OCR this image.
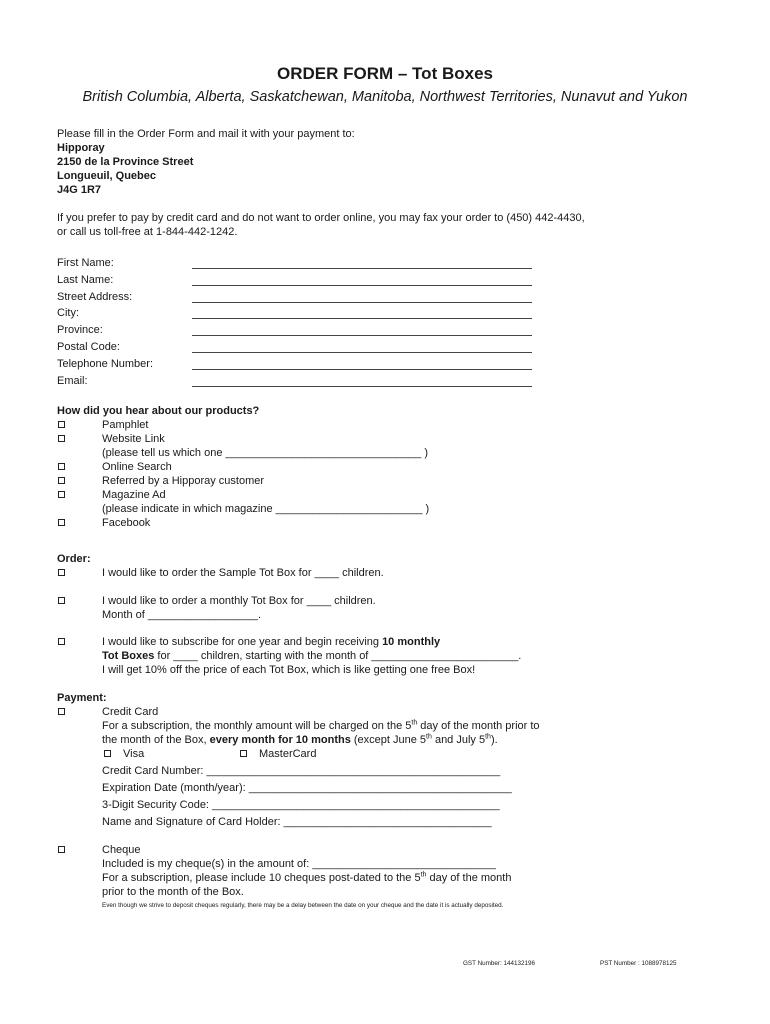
ORDER FORM – Tot Boxes
British Columbia, Alberta, Saskatchewan, Manitoba, Northwest Territories, Nunavut and Yukon
Please fill in the Order Form and mail it with your payment to:
Hipporay
2150 de la Province Street
Longueuil, Quebec
J4G 1R7
If you prefer to pay by credit card and do not want to order online, you may fax your order to (450) 442-4430,
or call us toll-free at 1-844-442-1242.
First Name:
Last Name:
Street Address:
City:
Province:
Postal Code:
Telephone Number:
Email:
How did you hear about our products?
Pamphlet
Website Link
(please tell us which one ________________________________ )
Online Search
Referred by a Hipporay customer
Magazine Ad
(please indicate in which magazine ________________________ )
Facebook
Order:
I would like to order the Sample Tot Box for ____ children.
I would like to order a monthly Tot Box for ____ children.
Month of __________________.
I would like to subscribe for one year and begin receiving 10 monthly
Tot Boxes for ____ children, starting with the month of ________________________.
I will get 10% off the price of each Tot Box, which is like getting one free Box!
Payment:
Credit Card
For a subscription, the monthly amount will be charged on the 5th day of the month prior to
the month of the Box, every month for 10 months (except June 5th and July 5th).
Visa	MasterCard
Credit Card Number: ________________________________________________
Expiration Date (month/year): ___________________________________________
3-Digit Security Code: _______________________________________________
Name and Signature of Card Holder: __________________________________
Cheque
Included is my cheque(s) in the amount of: ______________________________
For a subscription, please include 10 cheques post-dated to the 5th day of the month
prior to the month of the Box.
Even though we strive to deposit cheques regularly, there may be a delay between the date on your cheque and the date it is actually deposited.
GST Number: 144132196	PST Number : 1088978125
